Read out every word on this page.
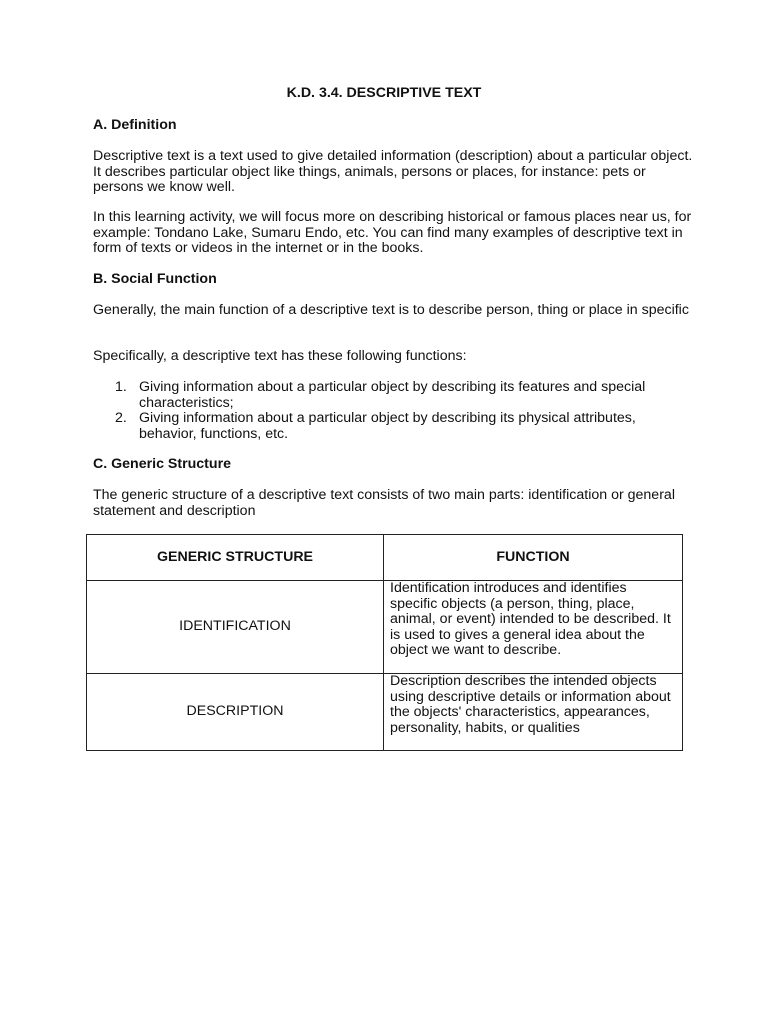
K.D. 3.4. DESCRIPTIVE TEXT
A. Definition
Descriptive text is a text used to give detailed information (description) about a particular object. It describes particular object like things, animals, persons or places, for instance: pets or persons we know well.
In this learning activity, we will focus more on describing historical or famous places near us, for example: Tondano Lake, Sumaru Endo, etc. You can find many examples of descriptive text in form of texts or videos in the internet or in the books.
B. Social Function
Generally, the main function of a descriptive text is to describe person, thing or place in specific
Specifically, a descriptive text has these following functions:
1. Giving information about a particular object by describing its features and special characteristics;
2. Giving information about a particular object by describing its physical attributes, behavior, functions, etc.
C. Generic Structure
The generic structure of a descriptive text consists of two main parts: identification or general statement and description
GENERIC STRUCTURE	FUNCTION
IDENTIFICATION	Identification introduces and identifies specific objects (a person, thing, place, animal, or event) intended to be described. It is used to gives a general idea about the object we want to describe.

DESCRIPTION	Description describes the intended objects using descriptive details or information about the objects' characteristics, appearances, personality, habits, or qualities
